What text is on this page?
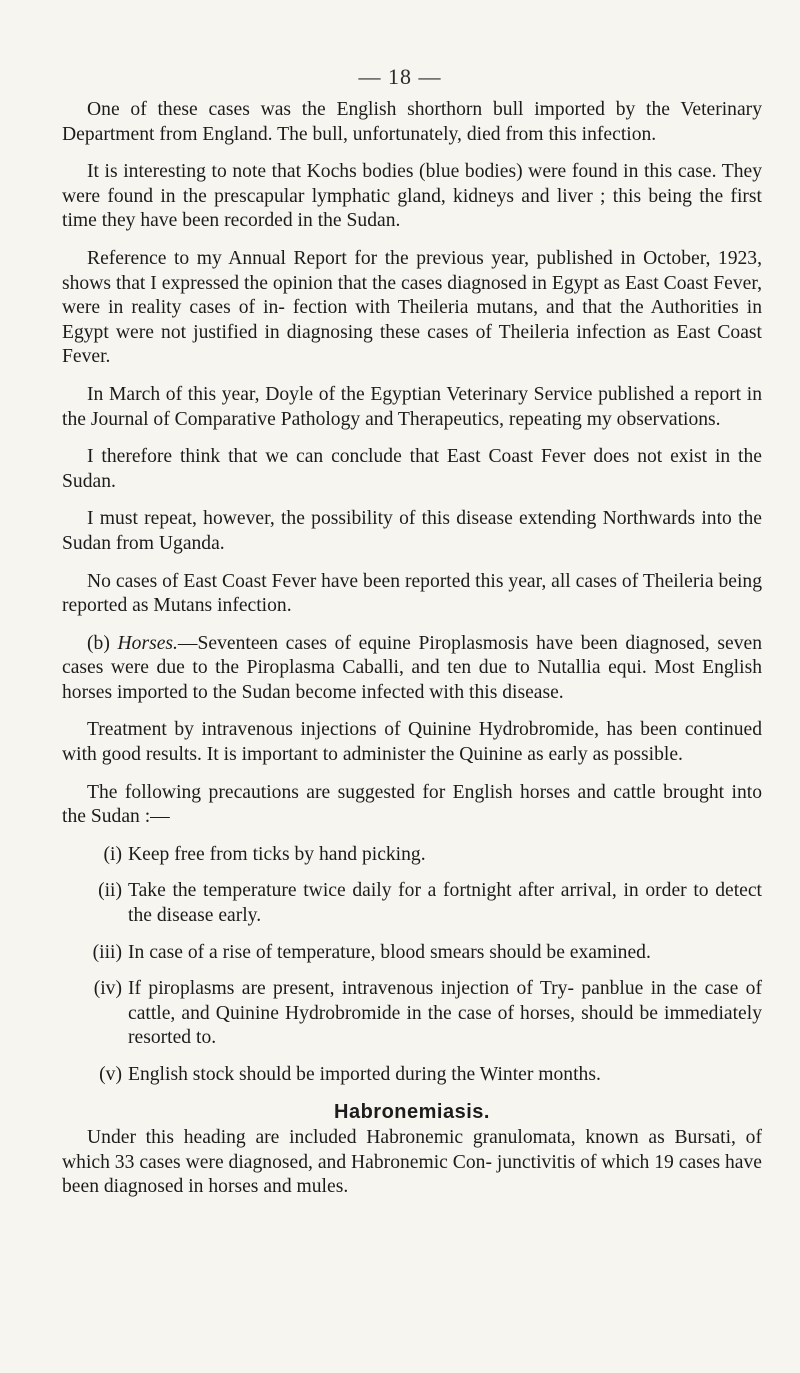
— 18 —

One of these cases was the English shorthorn bull imported by the Veterinary Department from England. The bull, unfortunately, died from this infection.

It is interesting to note that Kochs bodies (blue bodies) were found in this case. They were found in the prescapular lymphatic gland, kidneys and liver ; this being the first time they have been recorded in the Sudan.

Reference to my Annual Report for the previous year, published in October, 1923, shows that I expressed the opinion that the cases diagnosed in Egypt as East Coast Fever, were in reality cases of in- fection with Theileria mutans, and that the Authorities in Egypt were not justified in diagnosing these cases of Theileria infection as East Coast Fever.

In March of this year, Doyle of the Egyptian Veterinary Service published a report in the Journal of Comparative Pathology and Therapeutics, repeating my observations.

I therefore think that we can conclude that East Coast Fever does not exist in the Sudan.

I must repeat, however, the possibility of this disease extending Northwards into the Sudan from Uganda.

No cases of East Coast Fever have been reported this year, all cases of Theileria being reported as Mutans infection.

(b) Horses.—Seventeen cases of equine Piroplasmosis have been diagnosed, seven cases were due to the Piroplasma Caballi, and ten due to Nutallia equi. Most English horses imported to the Sudan become infected with this disease.

Treatment by intravenous injections of Quinine Hydrobromide, has been continued with good results. It is important to administer the Quinine as early as possible.

The following precautions are suggested for English horses and cattle brought into the Sudan :—

(i) Keep free from ticks by hand picking.
(ii) Take the temperature twice daily for a fortnight after arrival, in order to detect the disease early.
(iii) In case of a rise of temperature, blood smears should be examined.
(iv) If piroplasms are present, intravenous injection of Try- panblue in the case of cattle, and Quinine Hydrobromide in the case of horses, should be immediately resorted to.
(v) English stock should be imported during the Winter months.
Habronemiasis.

Under this heading are included Habronemic granulomata, known as Bursati, of which 33 cases were diagnosed, and Habronemic Con- junctivitis of which 19 cases have been diagnosed in horses and mules.
